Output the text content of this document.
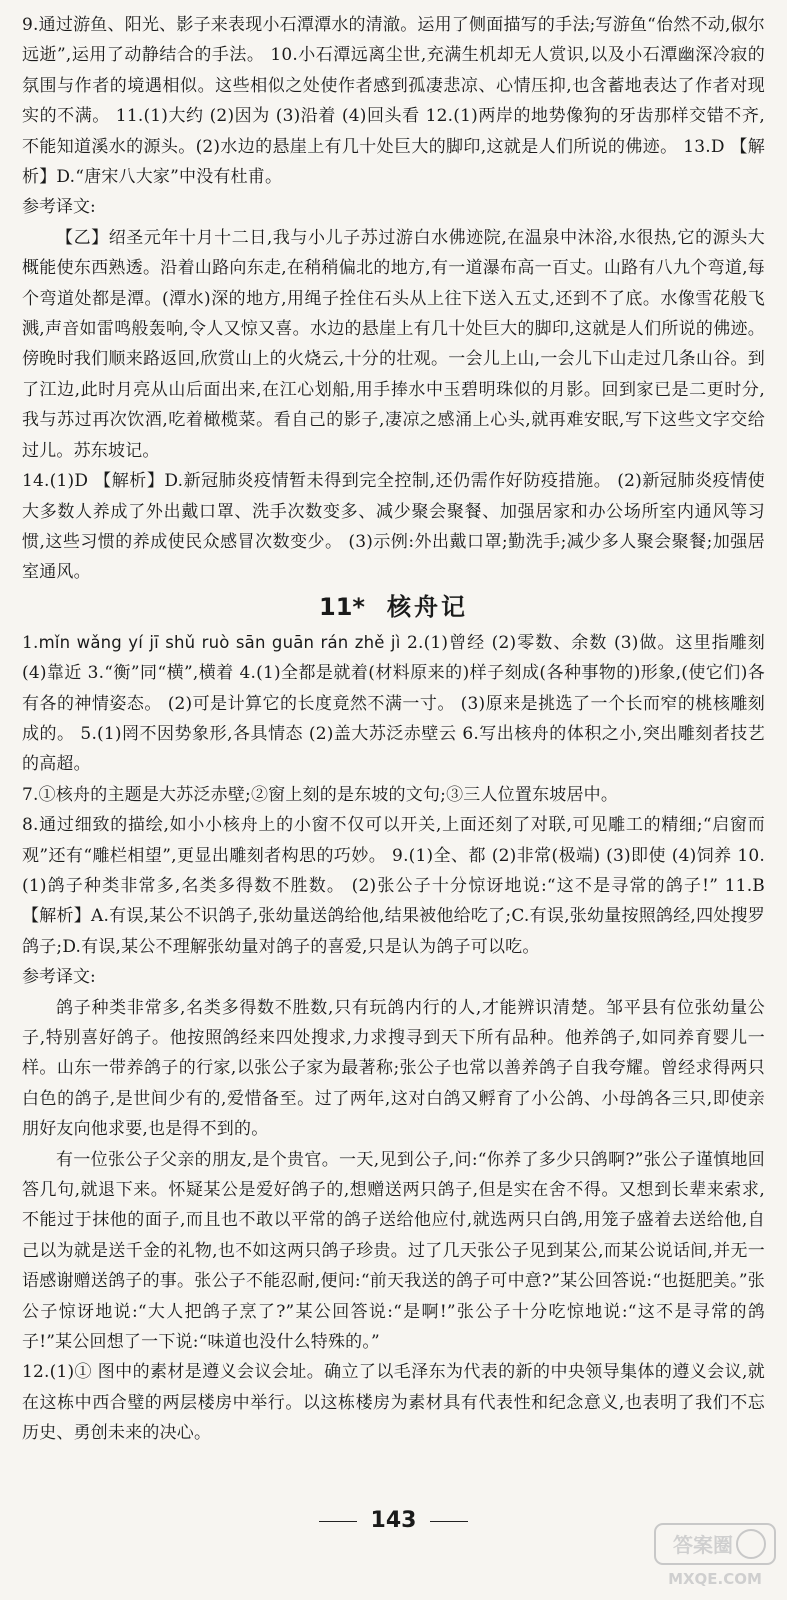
9.通过游鱼、阳光、影子来表现小石潭潭水的清澈。运用了侧面描写的手法;写游鱼“佁然不动,俶尔远逝”,运用了动静结合的手法。 10.小石潭远离尘世,充满生机却无人赏识,以及小石潭幽深冷寂的氛围与作者的境遇相似。这些相似之处使作者感到孤凄悲凉、心情压抑,也含蓄地表达了作者对现实的不满。 11.(1)大约 (2)因为 (3)沿着 (4)回头看 12.(1)两岸的地势像狗的牙齿那样交错不齐,不能知道溪水的源头。(2)水边的悬崖上有几十处巨大的脚印,这就是人们所说的佛迹。 13.D 【解析】D.“唐宋八大家”中没有杜甫。

参考译文:

【乙】绍圣元年十月十二日,我与小儿子苏过游白水佛迹院,在温泉中沐浴,水很热,它的源头大概能使东西熟透。沿着山路向东走,在稍稍偏北的地方,有一道瀑布高一百丈。山路有八九个弯道,每个弯道处都是潭。(潭水)深的地方,用绳子拴住石头从上往下送入五丈,还到不了底。水像雪花般飞溅,声音如雷鸣般轰响,令人又惊又喜。水边的悬崖上有几十处巨大的脚印,这就是人们所说的佛迹。傍晚时我们顺来路返回,欣赏山上的火烧云,十分的壮观。一会儿上山,一会儿下山走过几条山谷。到了江边,此时月亮从山后面出来,在江心划船,用手捧水中玉碧明珠似的月影。回到家已是二更时分,我与苏过再次饮酒,吃着橄榄菜。看自己的影子,凄凉之感涌上心头,就再难安眠,写下这些文字交给过儿。苏东坡记。

14.(1)D 【解析】D.新冠肺炎疫情暂未得到完全控制,还仍需作好防疫措施。 (2)新冠肺炎疫情使大多数人养成了外出戴口罩、洗手次数变多、减少聚会聚餐、加强居家和办公场所室内通风等习惯,这些习惯的养成使民众感冒次数变少。 (3)示例:外出戴口罩;勤洗手;减少多人聚会聚餐;加强居室通风。

11* 核舟记

1.mǐn wǎng yí jī shǔ ruò sān guān rán zhě jì 2.(1)曾经 (2)零数、余数 (3)做。这里指雕刻 (4)靠近 3.“衡”同“横”,横着 4.(1)全都是就着(材料原来的)样子刻成(各种事物的)形象,(使它们)各有各的神情姿态。 (2)可是计算它的长度竟然不满一寸。 (3)原来是挑选了一个长而窄的桃核雕刻成的。 5.(1)罔不因势象形,各具情态 (2)盖大苏泛赤壁云 6.写出核舟的体积之小,突出雕刻者技艺的高超。

7.①核舟的主题是大苏泛赤壁;②窗上刻的是东坡的文句;③三人位置东坡居中。

8.通过细致的描绘,如小小核舟上的小窗不仅可以开关,上面还刻了对联,可见雕工的精细;“启窗而观”还有“雕栏相望”,更显出雕刻者构思的巧妙。 9.(1)全、都 (2)非常(极端) (3)即使 (4)饲养 10.(1)鸽子种类非常多,名类多得数不胜数。 (2)张公子十分惊讶地说:“这不是寻常的鸽子!” 11.B 【解析】A.有误,某公不识鸽子,张幼量送鸽给他,结果被他给吃了;C.有误,张幼量按照鸽经,四处搜罗鸽子;D.有误,某公不理解张幼量对鸽子的喜爱,只是认为鸽子可以吃。

参考译文:

鸽子种类非常多,名类多得数不胜数,只有玩鸽内行的人,才能辨识清楚。邹平县有位张幼量公子,特别喜好鸽子。他按照鸽经来四处搜求,力求搜寻到天下所有品种。他养鸽子,如同养育婴儿一样。山东一带养鸽子的行家,以张公子家为最著称;张公子也常以善养鸽子自我夸耀。曾经求得两只白色的鸽子,是世间少有的,爱惜备至。过了两年,这对白鸽又孵育了小公鸽、小母鸽各三只,即使亲朋好友向他求要,也是得不到的。

有一位张公子父亲的朋友,是个贵官。一天,见到公子,问:“你养了多少只鸽啊?”张公子谨慎地回答几句,就退下来。怀疑某公是爱好鸽子的,想赠送两只鸽子,但是实在舍不得。又想到长辈来索求,不能过于抹他的面子,而且也不敢以平常的鸽子送给他应付,就选两只白鸽,用笼子盛着去送给他,自己以为就是送千金的礼物,也不如这两只鸽子珍贵。过了几天张公子见到某公,而某公说话间,并无一语感谢赠送鸽子的事。张公子不能忍耐,便问:“前天我送的鸽子可中意?”某公回答说:“也挺肥美。”张公子惊讶地说:“大人把鸽子烹了?”某公回答说:“是啊!”张公子十分吃惊地说:“这不是寻常的鸽子!”某公回想了一下说:“味道也没什么特殊的。”

12.(1)① 图中的素材是遵义会议会址。确立了以毛泽东为代表的新的中央领导集体的遵义会议,就在这栋中西合璧的两层楼房中举行。以这栋楼房为素材具有代表性和纪念意义,也表明了我们不忘历史、勇创未来的决心。

143
答案圈
MXQE.COM
